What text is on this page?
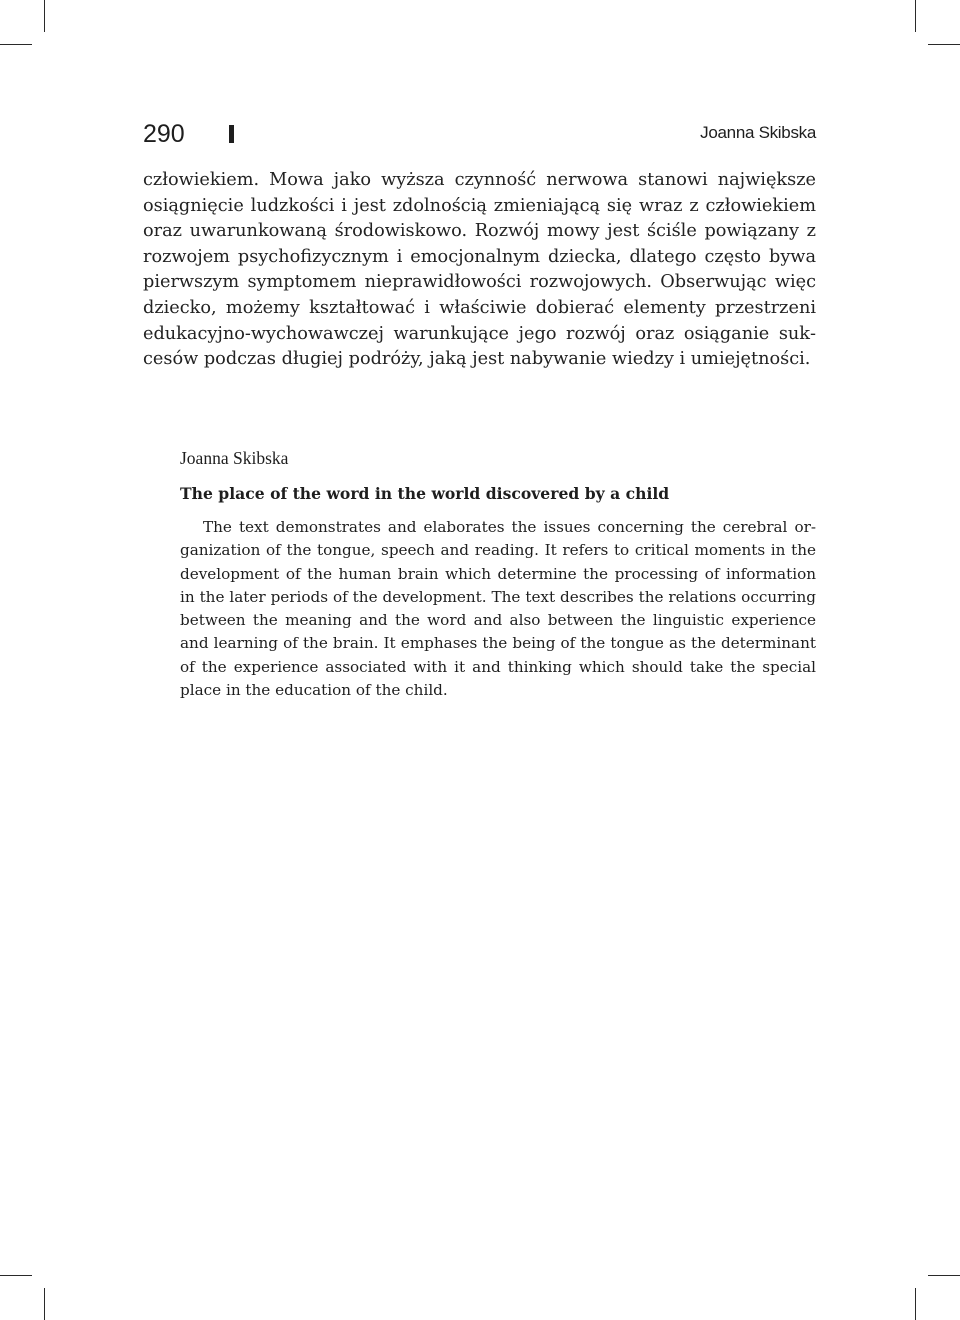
290	Joanna Skibska

człowiekiem. Mowa jako wyższa czynność nerwowa stanowi największe osiągnięcie ludzkości i jest zdolnością zmieniającą się wraz z człowiekiem oraz uwarunkowaną środowiskowo. Rozwój mowy jest ściśle powiązany z rozwojem psychofizycznym i emocjonalnym dziecka, dlatego często bywa pierwszym symptomem nieprawidłowości rozwojowych. Obserwując więc dziecko, możemy kształtować i właściwie dobierać elementy przestrzeni edukacyjno-wychowawczej warunkujące jego rozwój oraz osiąganie sukcesów podczas długiej podróży, jaką jest nabywanie wiedzy i umiejętności.

Joanna Skibska

The place of the word in the world discovered by a child

The text demonstrates and elaborates the issues concerning the cerebral organization of the tongue, speech and reading. It refers to critical moments in the development of the human brain which determine the processing of information in the later periods of the development. The text describes the relations occurring between the meaning and the word and also between the linguistic experience and learning of the brain. It emphases the being of the tongue as the determinant of the experience associated with it and thinking which should take the special place in the education of the child.
